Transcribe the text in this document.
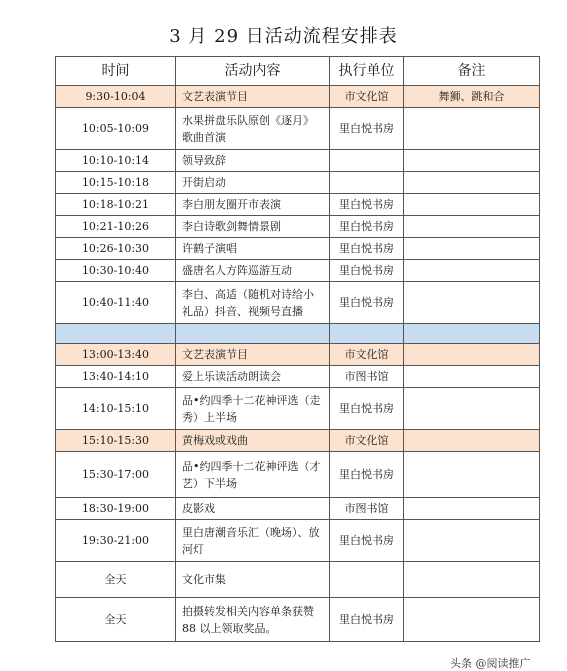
3 月 29 日活动流程安排表
时间	活动内容	执行单位	备注
9:30-10:04	文艺表演节目	市文化馆	舞狮、跳和合
10:05-10:09	水果拼盘乐队原创《逐月》歌曲首演	里白悦书房	
10:10-10:14	领导致辞		
10:15-10:18	开街启动		
10:18-10:21	李白朋友圈开市表演	里白悦书房	
10:21-10:26	李白诗歌剑舞情景剧	里白悦书房	
10:26-10:30	许鹤子演唱	里白悦书房	
10:30-10:40	盛唐名人方阵巡游互动	里白悦书房	
10:40-11:40	李白、高适（随机对诗给小礼品）抖音、视频号直播	里白悦书房	

13:00-13:40	文艺表演节目	市文化馆	
13:40-14:10	爱上乐读活动朗读会	市图书馆	
14:10-15:10	品•约四季十二花神评选（走秀）上半场	里白悦书房	
15:10-15:30	黄梅戏或戏曲	市文化馆	
15:30-17:00	品•约四季十二花神评选（才艺）下半场	里白悦书房	
18:30-19:00	皮影戏	市图书馆	
19:30-21:00	里白唐潮音乐汇（晚场）、放河灯	里白悦书房	
全天	文化市集		
全天	拍摄转发相关内容单条获赞 88 以上领取奖品。	里白悦书房	
头条 @阅读推广
